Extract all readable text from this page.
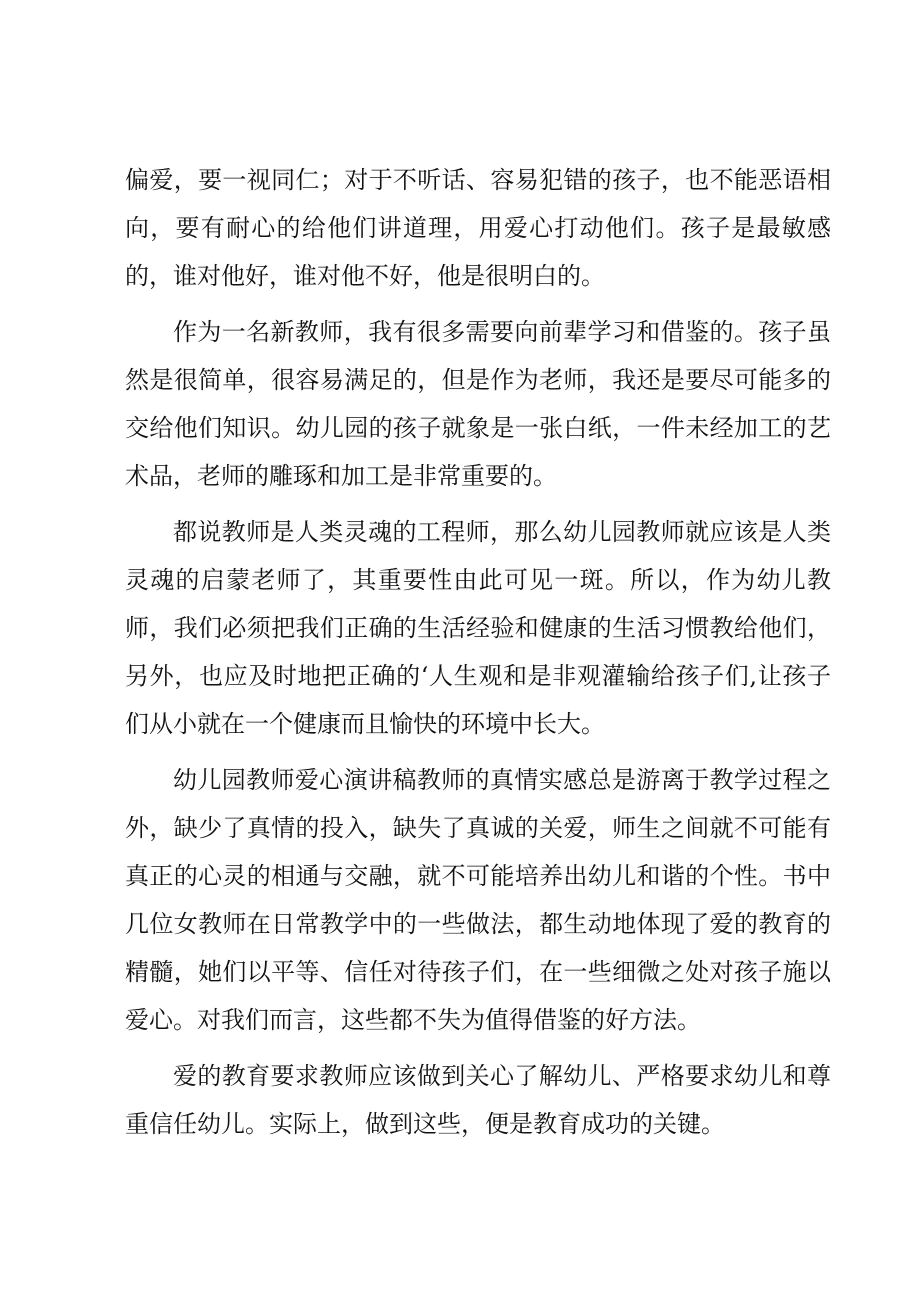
偏爱，要一视同仁；对于不听话、容易犯错的孩子，也不能恶语相向，要有耐心的给他们讲道理，用爱心打动他们。孩子是最敏感的，谁对他好，谁对他不好，他是很明白的。

作为一名新教师，我有很多需要向前辈学习和借鉴的。孩子虽然是很简单，很容易满足的，但是作为老师，我还是要尽可能多的交给他们知识。幼儿园的孩子就象是一张白纸，一件未经加工的艺术品，老师的雕琢和加工是非常重要的。

都说教师是人类灵魂的工程师，那么幼儿园教师就应该是人类灵魂的启蒙老师了，其重要性由此可见一斑。所以，作为幼儿教师，我们必须把我们正确的生活经验和健康的生活习惯教给他们，另外，也应及时地把正确的‘人生观和是非观灌输给孩子们,让孩子们从小就在一个健康而且愉快的环境中长大。

幼儿园教师爱心演讲稿教师的真情实感总是游离于教学过程之外，缺少了真情的投入，缺失了真诚的关爱，师生之间就不可能有真正的心灵的相通与交融，就不可能培养出幼儿和谐的个性。书中几位女教师在日常教学中的一些做法，都生动地体现了爱的教育的精髓，她们以平等、信任对待孩子们，在一些细微之处对孩子施以爱心。对我们而言，这些都不失为值得借鉴的好方法。

爱的教育要求教师应该做到关心了解幼儿、严格要求幼儿和尊重信任幼儿。实际上，做到这些，便是教育成功的关键。
